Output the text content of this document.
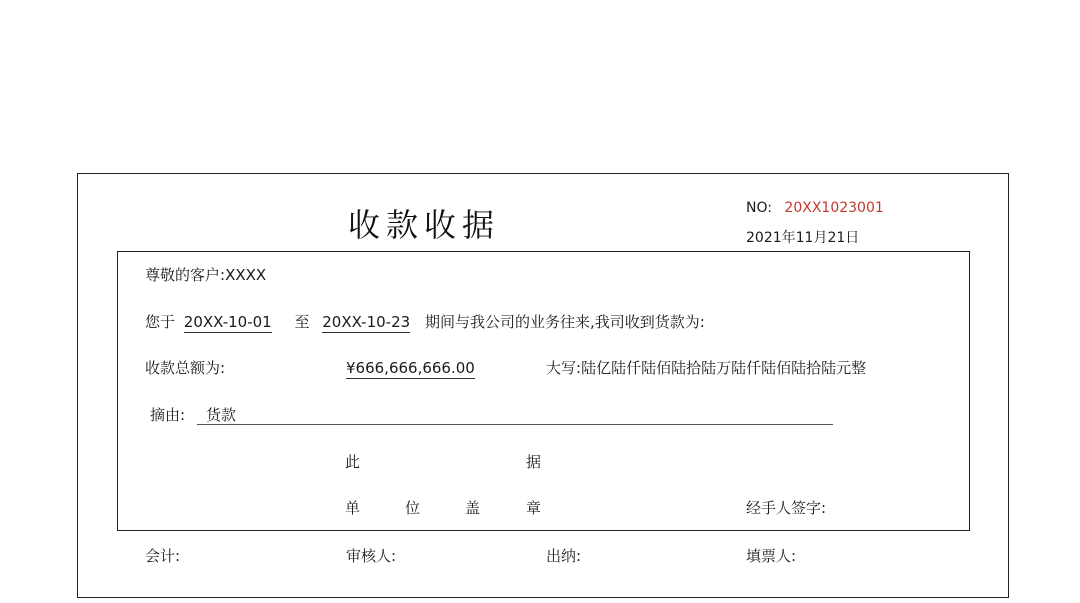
收款收据	NO: 20XX1023001
2021年11月21日
尊敬的客户:XXXX
您于 20XX-10-01 至 20XX-10-23 期间与我公司的业务往来,我司收到货款为:
收款总额为:	¥666,666,666.00	大写:陆亿陆仟陆佰陆拾陆万陆仟陆佰陆拾陆元整
摘由: 货款
此	据
单	位	盖	章	经手人签字:
会计:	审核人:	出纳:	填票人:
